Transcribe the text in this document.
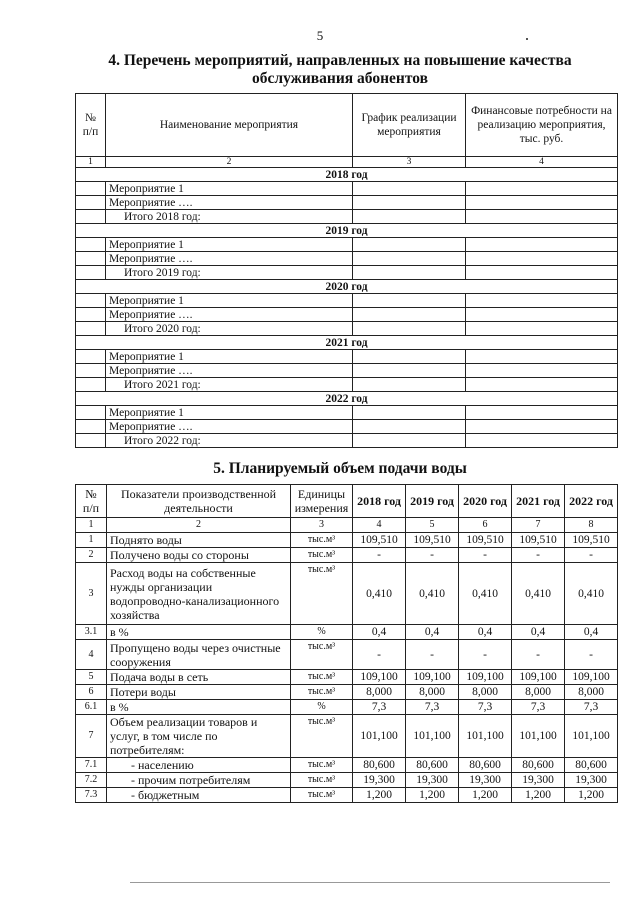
5
4. Перечень мероприятий, направленных на повышение качества обслуживания абонентов
№ п/п	Наименование мероприятия	График реализации мероприятия	Финансовые потребности на реализацию мероприятия, тыс. руб.
1	2	3	4
2018 год			
	Мероприятие 1		
	Мероприятие ….		
	Итого 2018 год:		
2019 год			
	Мероприятие 1		
	Мероприятие ….		
	Итого 2019 год:		
2020 год			
	Мероприятие 1		
	Мероприятие ….		
	Итого 2020 год:		
2021 год			
	Мероприятие 1		
	Мероприятие ….		
	Итого 2021 год:		
2022 год			
	Мероприятие 1		
	Мероприятие ….		
	Итого 2022 год:		
5. Планируемый объем подачи воды
№ п/п	Показатели производственной деятельности	Единицы измерения	2018 год	2019 год	2020 год	2021 год	2022 год
1	2	3	4	5	6	7	8
1	Поднято воды	тыс.м³	109,510	109,510	109,510	109,510	109,510
2	Получено воды со стороны	тыс.м³	-	-	-	-	-
3	Расход воды на собственные нужды организации водопроводно-канализационного хозяйства	тыс.м³	0,410	0,410	0,410	0,410	0,410
3.1	в %	%	0,4	0,4	0,4	0,4	0,4
4	Пропущено воды через очистные сооружения	тыс.м³	-	-	-	-	-
5	Подача воды в сеть	тыс.м³	109,100	109,100	109,100	109,100	109,100
6	Потери воды	тыс.м³	8,000	8,000	8,000	8,000	8,000
6.1	в %	%	7,3	7,3	7,3	7,3	7,3
7	Объем реализации товаров и услуг, в том числе по потребителям:	тыс.м³	101,100	101,100	101,100	101,100	101,100
7.1	- населению	тыс.м³	80,600	80,600	80,600	80,600	80,600
7.2	- прочим потребителям	тыс.м³	19,300	19,300	19,300	19,300	19,300
7.3	- бюджетным	тыс.м³	1,200	1,200	1,200	1,200	1,200
